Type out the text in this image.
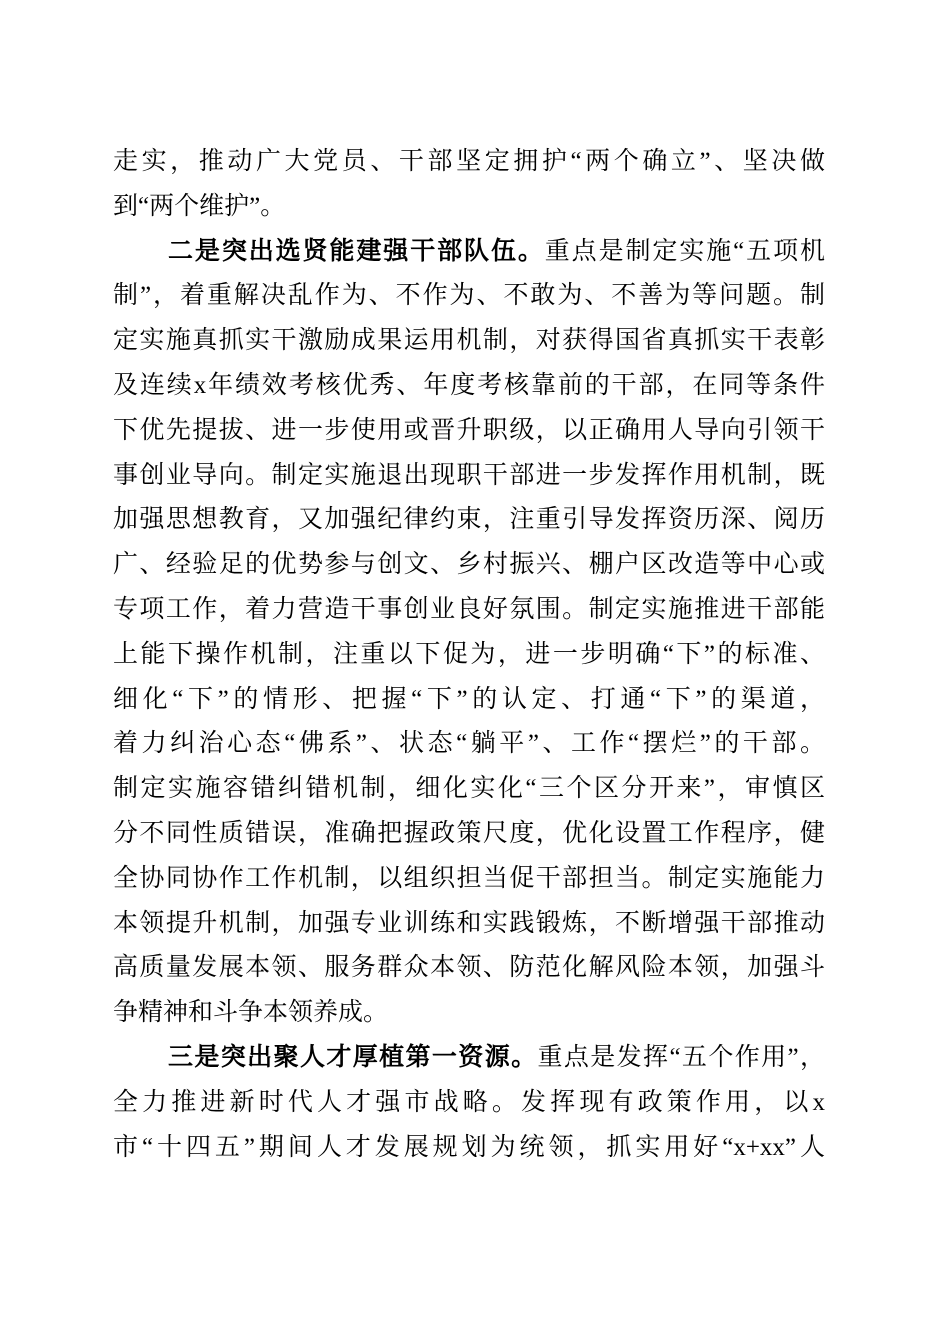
走实，推动广大党员、干部坚定拥护“两个确立”、坚决做
到“两个维护”。
二是突出选贤能建强干部队伍。重点是制定实施“五项机
制”，着重解决乱作为、不作为、不敢为、不善为等问题。制
定实施真抓实干激励成果运用机制，对获得国省真抓实干表彰
及连续x年绩效考核优秀、年度考核靠前的干部，在同等条件
下优先提拔、进一步使用或晋升职级，以正确用人导向引领干
事创业导向。制定实施退出现职干部进一步发挥作用机制，既
加强思想教育，又加强纪律约束，注重引导发挥资历深、阅历
广、经验足的优势参与创文、乡村振兴、棚户区改造等中心或
专项工作，着力营造干事创业良好氛围。制定实施推进干部能
上能下操作机制，注重以下促为，进一步明确“下”的标准、
细化“下”的情形、把握“下”的认定、打通“下”的渠道，
着力纠治心态“佛系”、状态“躺平”、工作“摆烂”的干部。
制定实施容错纠错机制，细化实化“三个区分开来”，审慎区
分不同性质错误，准确把握政策尺度，优化设置工作程序，健
全协同协作工作机制，以组织担当促干部担当。制定实施能力
本领提升机制，加强专业训练和实践锻炼，不断增强干部推动
高质量发展本领、服务群众本领、防范化解风险本领，加强斗
争精神和斗争本领养成。
三是突出聚人才厚植第一资源。重点是发挥“五个作用”，
全力推进新时代人才强市战略。发挥现有政策作用，以x
市“十四五”期间人才发展规划为统领，抓实用好“x+xx”人
